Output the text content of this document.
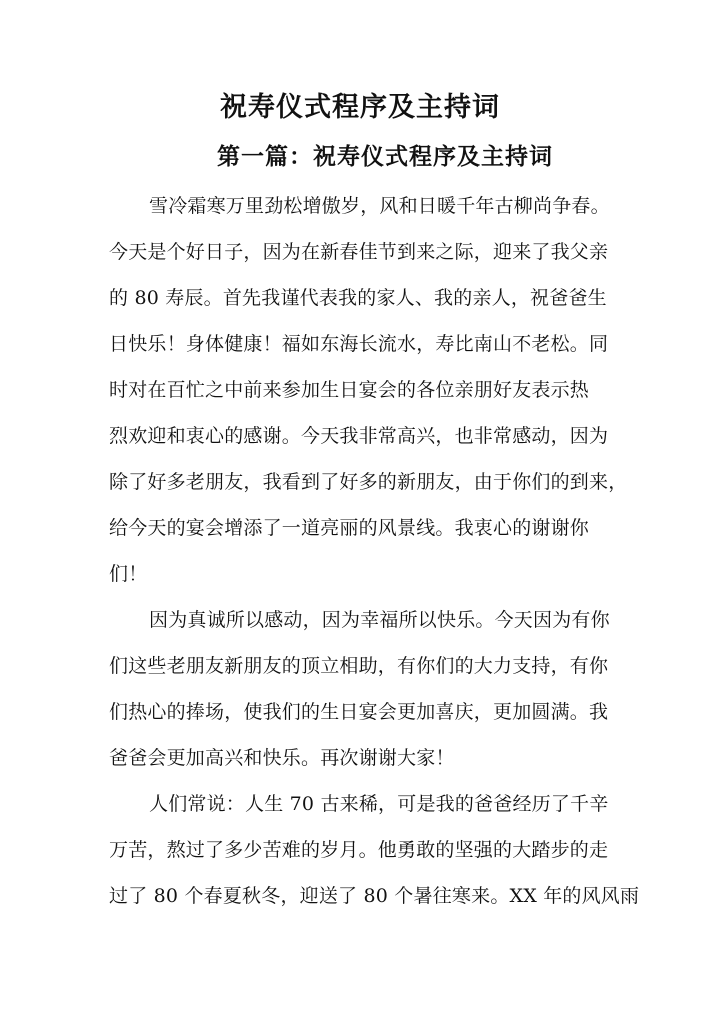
祝寿仪式程序及主持词
第一篇：祝寿仪式程序及主持词
雪冷霜寒万里劲松增傲岁，风和日暖千年古柳尚争春。
今天是个好日子，因为在新春佳节到来之际，迎来了我父亲
的 80 寿辰。首先我谨代表我的家人、我的亲人，祝爸爸生
日快乐！身体健康！福如东海长流水，寿比南山不老松。同
时对在百忙之中前来参加生日宴会的各位亲朋好友表示热
烈欢迎和衷心的感谢。今天我非常高兴，也非常感动，因为
除了好多老朋友，我看到了好多的新朋友，由于你们的到来，
给今天的宴会增添了一道亮丽的风景线。我衷心的谢谢你
们！
因为真诚所以感动，因为幸福所以快乐。今天因为有你
们这些老朋友新朋友的顶立相助，有你们的大力支持，有你
们热心的捧场，使我们的生日宴会更加喜庆，更加圆满。我
爸爸会更加高兴和快乐。再次谢谢大家！
人们常说：人生 70 古来稀，可是我的爸爸经历了千辛
万苦，熬过了多少苦难的岁月。他勇敢的坚强的大踏步的走
过了 80 个春夏秋冬，迎送了 80 个暑往寒来。XX 年的风风雨
